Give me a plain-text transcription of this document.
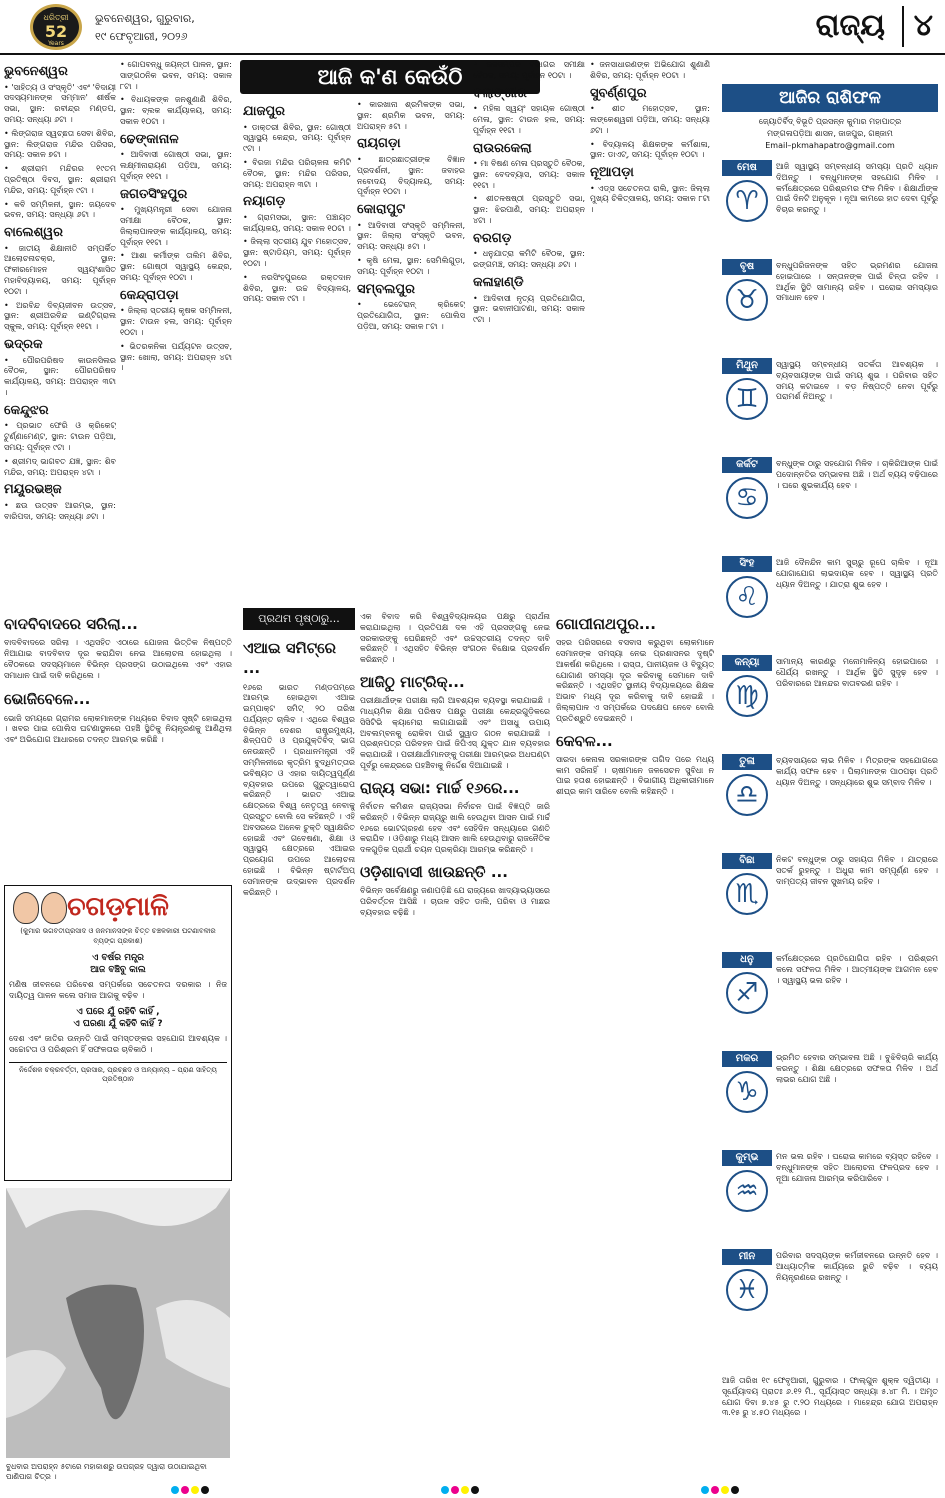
ଧରିତ୍ରୀ
52
Years
ଭୁବନେଶ୍ୱର, ଗୁରୁବାର,
୧୯ ଫେବୃଆରୀ, ୨୦୨୬	ରାଜ୍ୟ ୪
ଆଜି କ'ଣ କେଉଁଠି
ଭୁବନେଶ୍ୱର
• 'ସାହିତ୍ୟ ଓ ସଂସ୍କୃତି' ଏବଂ 'ବିଦାୟୀ ସଦସ୍ୟମାନଙ୍କ ସମ୍ମାନ' ଶୀର୍ଷକ ସଭା, ସ୍ଥାନ: ରବୀନ୍ଦ୍ର ମଣ୍ଡପ, ସମୟ: ସନ୍ଧ୍ୟା ୬ଟା ।
• ଲିଙ୍ଗରାଜ ସ୍ୱଚ୍ଛତା ସେବା ଶିବିର, ସ୍ଥାନ: ଲିଙ୍ଗରାଜ ମନ୍ଦିର ପରିସର, ସମୟ: ସକାଳ ୭ଟା ।
• ଶ୍ରୀରାମ ମନ୍ଦିରର ୧୯ତମ ପ୍ରତିଷ୍ଠା ଦିବସ, ସ୍ଥାନ: ଶ୍ରୀରାମ ମନ୍ଦିର, ସମୟ: ପୂର୍ବାହ୍ନ ୯ଟା ।
• କବି ସମ୍ମିଳନୀ, ସ୍ଥାନ: ଜୟଦେବ ଭବନ, ସମୟ: ସନ୍ଧ୍ୟା ୬ଟା ।
ବାଲେଶ୍ୱର
• ଜାତୀୟ ଶିକ୍ଷାନୀତି ସମ୍ପର୍କିତ ଆଲୋଚନାଚକ୍ର, ସ୍ଥାନ: ଫକୀରମୋହନ ସ୍ୱୟଂଶାସିତ ମହାବିଦ୍ୟାଳୟ, ସମୟ: ପୂର୍ବାହ୍ନ ୧୦ଟା ।
• ଅରବିନ୍ଦ ଦିବ୍ୟଜୀବନ ଉତ୍ସବ, ସ୍ଥାନ: ଶ୍ରୀଅରବିନ୍ଦ ଇଣ୍ଟିଗ୍ରାଲ ସ୍କୁଲ, ସମୟ: ପୂର୍ବାହ୍ନ ୧୧ଟା ।
ଭଦ୍ରକ
• ପୌରପରିଷଦ କାଉନସିଲର ବୈଠକ, ସ୍ଥାନ: ପୌରପରିଷଦ କାର୍ଯ୍ୟାଳୟ, ସମୟ: ଅପରାହ୍ନ ୩ଟା ।
କେନ୍ଦୁଝର
• ପ୍ରଭାତ ଫେରି ଓ କ୍ରିକେଟ୍ ଟୁର୍ଣ୍ଣାମେଣ୍ଟ, ସ୍ଥାନ: ଟାଉନ ପଡ଼ିଆ, ସମୟ: ପୂର୍ବାହ୍ନ ୯ଟା ।
• ଶ୍ରୀମଦ୍ ଭାଗବତ ଯଜ୍ଞ, ସ୍ଥାନ: ଶିବ ମନ୍ଦିର, ସମୟ: ଅପରାହ୍ନ ୪ଟା ।
ମୟୂରଭଞ୍ଜ
• ଛଉ ଉତ୍ସବ ଆରମ୍ଭ, ସ୍ଥାନ: ବାରିପଦା, ସମୟ: ସନ୍ଧ୍ୟା ୬ଟା ।
• ଗୋପବନ୍ଧୁ ଜୟନ୍ତୀ ପାଳନ, ସ୍ଥାନ: ସାଙ୍ଗଠନିକ ଭବନ, ସମୟ: ସକାଳ ୮ଟା ।
• ବିଧାୟକଙ୍କ ଜନଶୁଣାଣି ଶିବିର, ସ୍ଥାନ: ବ୍ଲକ କାର୍ଯ୍ୟାଳୟ, ସମୟ: ସକାଳ ୧୦ଟା ।
ଢେଙ୍କାନାଳ
• ଆଦିବାସୀ ଗୋଷ୍ଠୀ ସଭା, ସ୍ଥାନ: ଲକ୍ଷ୍ମୀନାରାୟଣ ପଡ଼ିଆ, ସମୟ: ପୂର୍ବାହ୍ନ ୧୧ଟା ।
ଜଗତସିଂହପୁର
• ମୁଖ୍ୟମନ୍ତ୍ରୀ ସେବା ଯୋଜନା ସମୀକ୍ଷା ବୈଠକ, ସ୍ଥାନ: ଜିଲ୍ଲାପାଳଙ୍କ କାର୍ଯ୍ୟାଳୟ, ସମୟ: ପୂର୍ବାହ୍ନ ୧୧ଟା ।
• ଆଶା କର୍ମୀଙ୍କ ତାଲିମ ଶିବିର, ସ୍ଥାନ: ଗୋଷ୍ଠୀ ସ୍ୱାସ୍ଥ୍ୟ କେନ୍ଦ୍ର, ସମୟ: ପୂର୍ବାହ୍ନ ୧୦ଟା ।
କେନ୍ଦ୍ରାପଡ଼ା
• ଜିଲ୍ଲା ସ୍ତରୀୟ କୃଷକ ସମ୍ମିଳନୀ, ସ୍ଥାନ: ଟାଉନ ହଲ, ସମୟ: ପୂର୍ବାହ୍ନ ୧୦ଟା ।
• ଭିତରକନିକା ପର୍ଯ୍ୟଟନ ଉତ୍ସବ, ସ୍ଥାନ: ଖୋଲା, ସମୟ: ଅପରାହ୍ନ ୪ଟା ।
ଯାଜପୁର
• ଡାକ୍ତରୀ ଶିବିର, ସ୍ଥାନ: ଗୋଷ୍ଠୀ ସ୍ୱାସ୍ଥ୍ୟ କେନ୍ଦ୍ର, ସମୟ: ପୂର୍ବାହ୍ନ ୯ଟା ।
• ବିରଜା ମନ୍ଦିର ପରିଚାଳନା କମିଟି ବୈଠକ, ସ୍ଥାନ: ମନ୍ଦିର ପରିସର, ସମୟ: ଅପରାହ୍ନ ୩ଟା ।
ନୟାଗଡ଼
• ଗ୍ରାମସଭା, ସ୍ଥାନ: ପଞ୍ଚାୟତ କାର୍ଯ୍ୟାଳୟ, ସମୟ: ସକାଳ ୧୦ଟା ।
• ଜିଲ୍ଲା ସ୍ତରୀୟ ଯୁବ ମହୋତ୍ସବ, ସ୍ଥାନ: ଷ୍ଟାଡିୟମ, ସମୟ: ପୂର୍ବାହ୍ନ ୧୦ଟା ।
• ନରସିଂହପୁରରେ ରକ୍ତଦାନ ଶିବିର, ସ୍ଥାନ: ଉଚ୍ଚ ବିଦ୍ୟାଳୟ, ସମୟ: ସକାଳ ୯ଟା ।
• କାରଖାନା ଶ୍ରମିକଙ୍କ ସଭା, ସ୍ଥାନ: ଶ୍ରମିକ ଭବନ, ସମୟ: ଅପରାହ୍ନ ୫ଟା ।
ରାୟଗଡ଼ା
• ଛାତ୍ରଛାତ୍ରୀଙ୍କ ବିଜ୍ଞାନ ପ୍ରଦର୍ଶନୀ, ସ୍ଥାନ: ଜବାହର ନବୋଦୟ ବିଦ୍ୟାଳୟ, ସମୟ: ପୂର୍ବାହ୍ନ ୧୦ଟା ।
କୋରାପୁଟ
• ଆଦିବାସୀ ସଂସ୍କୃତି ସମ୍ମିଳନୀ, ସ୍ଥାନ: ଜିଲ୍ଲା ସଂସ୍କୃତି ଭବନ, ସମୟ: ସନ୍ଧ୍ୟା ୫ଟା ।
• କୃଷି ମେଳା, ସ୍ଥାନ: ସେମିଲିଗୁଡ଼ା, ସମୟ: ପୂର୍ବାହ୍ନ ୧୦ଟା ।
ସମ୍ବଲପୁର
• ଭେଟେରାନ୍ କ୍ରିକେଟ୍ ପ୍ରତିଯୋଗିତା, ସ୍ଥାନ: ପୋଲିସ ପଡ଼ିଆ, ସମୟ: ସକାଳ ୮ଟା ।
• ଜଳସମ୍ପଦ ବିଭାଗର ସମୀକ୍ଷା ବୈଠକ, ସମୟ: ପୂର୍ବାହ୍ନ ୧୦ଟା ।
ବଲାଙ୍ଗୀର
• ମହିଳା ସ୍ୱୟଂ ସହାୟକ ଗୋଷ୍ଠୀ ମେଳା, ସ୍ଥାନ: ଟାଉନ ହଲ, ସମୟ: ପୂର୍ବାହ୍ନ ୧୧ଟା ।
ରାଉରକେଲା
• ମା ବିଷଣ ମେଳା ପ୍ରସ୍ତୁତି ବୈଠକ, ସ୍ଥାନ: ବେଦବ୍ୟାସ, ସମୟ: ସକାଳ ୧୧ଟା ।
• ଶୀତଳଷଷ୍ଠୀ ପ୍ରସ୍ତୁତି ସଭା, ସ୍ଥାନ: ଝିରପାଣି, ସମୟ: ଅପରାହ୍ନ ୪ଟା ।
ବରଗଡ଼
• ଧନୁଯାତ୍ରା କମିଟି ବୈଠକ, ସ୍ଥାନ: ରଙ୍ଗମଞ୍ଚ, ସମୟ: ସନ୍ଧ୍ୟା ୬ଟା ।
କଳାହାଣ୍ଡି
• ଆଦିବାସୀ ନୃତ୍ୟ ପ୍ରତିଯୋଗିତା, ସ୍ଥାନ: ଭବାନୀପାଟଣା, ସମୟ: ସକାଳ ୯ଟା ।
• ଜନସାଧାରଣଙ୍କ ଅଭିଯୋଗ ଶୁଣାଣି ଶିବିର, ସମୟ: ପୂର୍ବାହ୍ନ ୧୦ଟା ।
ସୁବର୍ଣ୍ଣପୁର
• ଶୀତ ମହୋତ୍ସବ, ସ୍ଥାନ: ଲଙ୍କେଶ୍ୱରୀ ପଡ଼ିଆ, ସମୟ: ସନ୍ଧ୍ୟା ୬ଟା ।
• ବିଦ୍ୟାଳୟ ଶିକ୍ଷକଙ୍କ କର୍ମଶାଳା, ସ୍ଥାନ: ଡାଏଟ୍, ସମୟ: ପୂର୍ବାହ୍ନ ୧୦ଟା ।
ନୂଆପଡ଼ା
• ଏଡ୍ସ ସଚେତନତା ରାଲି, ସ୍ଥାନ: ଜିଲ୍ଲା ମୁଖ୍ୟ ଚିକିତ୍ସାଳୟ, ସମୟ: ସକାଳ ୮ଟା ।
ବାଦବିବାଦରେ ସରିଲା...
ବାଦବିବାଦରେ ସରିଲା । ଏଥିସହିତ ଏଠାରେ ଯୋଜନା ଭିତ୍ତିକ ନିଷ୍ପତ୍ତି ନିଆଯାଇ ବାଦବିବାଦ ଦୂର କରାଯିବା ନେଇ ଆଲୋଚନା ହୋଇଥିଲା । ବୈଠକରେ ସଦସ୍ୟମାନେ ବିଭିନ୍ନ ପ୍ରସଙ୍ଗ ଉଠାଇଥିଲେ ଏବଂ ଏହାର ସମାଧାନ ପାଇଁ ଦାବି କରିଥିଲେ ।
ଭୋଜିବେଳେ...
ଭୋଜି ସମୟରେ ଗ୍ରାମର ଲୋକମାନଙ୍କ ମଧ୍ୟରେ ବିବାଦ ସୃଷ୍ଟି ହୋଇଥିଲା । ଖବର ପାଇ ପୋଲିସ ଘଟଣାସ୍ଥଳରେ ପହଞ୍ଚି ସ୍ଥିତିକୁ ନିୟନ୍ତ୍ରଣକୁ ଆଣିଥିଲା ଏବଂ ଅଭିଯୋଗ ଆଧାରରେ ତଦନ୍ତ ଆରମ୍ଭ କରିଛି ।
ଚଗଡ଼ମାଳି
(କୁମାର ଭଗବତୀପ୍ରସାଦ ଓ ଜନମାନସଙ୍କ ଚିତ୍ତ ଚଞ୍ଚଳକାରୀ ଘଟଣାବଳୀର ବ୍ୟଙ୍ଗ ପ୍ରକାଶ)
ଏ ବର୍ଷର ମନ୍ତ୍ର
ଆଜ ବଞ୍ଚିବୁ କାଲ
ମଣିଷ ଜୀବନରେ ପରିବେଶ ସମ୍ପର୍କରେ ସଚେତନତା ଦରକାର । ନିଜ ଦାୟିତ୍ୱ ପାଳନ କଲେ ସମାଜ ଆଗକୁ ବଢ଼ିବ ।
ଏ ଘରେ ଯୁଁ ରହିବି କାହିଁ ,
ଏ ଘରଣା ଯୁଁ କହିବି କାହିଁ ?
ଦେଶ ଏବଂ ଜାତିର ଉନ୍ନତି ପାଇଁ ସମସ୍ତଙ୍କର ସହଯୋଗ ଆବଶ୍ୟକ । ସଚ୍ଚୋଟତା ଓ ପରିଶ୍ରମ ହିଁ ସଫଳତାର ଚାବିକାଠି ।
ନିର୍ଦ୍ଦେଶକ ଚକ୍ରବର୍ତ୍ତୀ, ପ୍ରସାର, ପ୍ରଚ୍ଛଦ ଓ ଅନ୍ୟାନ୍ୟ – ପ୍ରାଣ ସାହିତ୍ୟ ପ୍ରତିଷ୍ଠାନ
ବୁଧବାର ଅପରାହ୍ନ ୫ଟାରେ ମହାକାଶରୁ ଉପଗ୍ରହ ଦ୍ୱାରା ଉଠାଯାଇଥିବା ପାଣିପାଗ ଚିତ୍ର ।
ପ୍ରଥମ ପୃଷ୍ଠାରୁ...
ଏଆଇ ସମିଟ୍‌ରେ ...
୧୬ରେ ଭାରତ ମଣ୍ଡପମ୍‌ରେ ଆରମ୍ଭ ହୋଇଥିବା ଏଆଇ ଇମ୍ପାକ୍ଟ ସମିଟ୍ ୨୦ ତାରିଖ ପର୍ଯ୍ୟନ୍ତ ଚାଲିବ । ଏଥିରେ ବିଶ୍ୱର ବିଭିନ୍ନ ଦେଶର ରାଷ୍ଟ୍ରମୁଖ୍ୟ, ଶିଳ୍ପପତି ଓ ପ୍ରଯୁକ୍ତିବିଦ୍ ଭାଗ ନେଉଛନ୍ତି । ପ୍ରଧାନମନ୍ତ୍ରୀ ଏହି ସମ୍ମିଳନୀରେ କୃତ୍ରିମ ବୁଦ୍ଧିମତ୍ତାର ଭବିଷ୍ୟତ ଓ ଏହାର ଦାୟିତ୍ୱପୂର୍ଣ୍ଣ ବ୍ୟବହାର ଉପରେ ଗୁରୁତ୍ୱାରୋପ କରିଛନ୍ତି । ଭାରତ ଏଆଇ କ୍ଷେତ୍ରରେ ବିଶ୍ୱ ନେତୃତ୍ୱ ନେବାକୁ ପ୍ରସ୍ତୁତ ବୋଲି ସେ କହିଛନ୍ତି । ଏହି ଅବସରରେ ଅନେକ ଚୁକ୍ତି ସ୍ୱାକ୍ଷରିତ ହୋଇଛି ଏବଂ ଗବେଷଣା, ଶିକ୍ଷା ଓ ସ୍ୱାସ୍ଥ୍ୟ କ୍ଷେତ୍ରରେ ଏଆଇର ପ୍ରୟୋଗ ଉପରେ ଆଲୋଚନା ହୋଇଛି । ବିଭିନ୍ନ ଷ୍ଟାର୍ଟଅପ୍ ସେମାନଙ୍କ ଉଦ୍ଭାବନ ପ୍ରଦର୍ଶନ କରିଛନ୍ତି ।
ଏକ ବିବାଦ କରି ବିଶ୍ୱବିଦ୍ୟାଳୟର ପକ୍ଷରୁ ପ୍ରାର୍ଥନା କରାଯାଇଥିଲା । ପ୍ରତିପକ୍ଷ ଦଳ ଏହି ପ୍ରସଙ୍ଗକୁ ନେଇ ସରକାରଙ୍କୁ ଘେରିଛନ୍ତି ଏବଂ ଉଚ୍ଚସ୍ତରୀୟ ତଦନ୍ତ ଦାବି କରିଛନ୍ତି । ଏଥିସହିତ ବିଭିନ୍ନ ସଂଗଠନ ବିକ୍ଷୋଭ ପ୍ରଦର୍ଶନ କରିଛନ୍ତି ।
ଆଜିଠୁ ମାଟ୍ରିକ୍...
ପରୀକ୍ଷାର୍ଥୀଙ୍କ ପରୀକ୍ଷା ଲାଗି ଆବଶ୍ୟକ ବ୍ୟବସ୍ଥା କରାଯାଇଛି । ମାଧ୍ୟମିକ ଶିକ୍ଷା ପରିଷଦ ପକ୍ଷରୁ ପରୀକ୍ଷା କେନ୍ଦ୍ରଗୁଡ଼ିକରେ ସିସିଟିଭି କ୍ୟାମେରା ଲଗାଯାଇଛି ଏବଂ ଅସାଧୁ ଉପାୟ ଅବଲମ୍ବନକୁ ରୋକିବା ପାଇଁ ସ୍କ୍ୱାଡ ଗଠନ କରାଯାଇଛି । ପ୍ରଶ୍ନପତ୍ର ପରିବହନ ପାଇଁ ଜିପିଏସ୍ ଯୁକ୍ତ ଯାନ ବ୍ୟବହାର କରାଯାଉଛି । ପରୀକ୍ଷାର୍ଥୀମାନଙ୍କୁ ପରୀକ୍ଷା ଆରମ୍ଭର ଅଧଘଣ୍ଟା ପୂର୍ବରୁ କେନ୍ଦ୍ରରେ ପହଞ୍ଚିବାକୁ ନିର୍ଦ୍ଦେଶ ଦିଆଯାଇଛି ।
ରାଜ୍ୟ ସଭା: ମାର୍ଚ୍ଚ ୧୬ରେ...
ନିର୍ବାଚନ କମିଶନ ରାଜ୍ୟସଭା ନିର୍ବାଚନ ପାଇଁ ବିଜ୍ଞପ୍ତି ଜାରି କରିଛନ୍ତି । ବିଭିନ୍ନ ରାଜ୍ୟରୁ ଖାଲି ହେଉଥିବା ଆସନ ପାଇଁ ମାର୍ଚ୍ଚ ୧୬ରେ ଭୋଟଗ୍ରହଣ ହେବ ଏବଂ ସେହିଦିନ ସନ୍ଧ୍ୟାରେ ଗଣତି କରାଯିବ । ଓଡ଼ିଶାରୁ ମଧ୍ୟ ଆସନ ଖାଲି ହେଉଥିବାରୁ ରାଜନୈତିକ ଦଳଗୁଡ଼ିକ ପ୍ରାର୍ଥୀ ଚୟନ ପ୍ରକ୍ରିୟା ଆରମ୍ଭ କରିଛନ୍ତି ।
ଓଡ଼ିଶାବାସୀ ଖାଉଛନ୍ତି ...
ବିଭିନ୍ନ ସର୍ବେକ୍ଷଣରୁ ଜଣାପଡ଼ିଛି ଯେ ରାଜ୍ୟରେ ଖାଦ୍ୟାଭ୍ୟାସରେ ପରିବର୍ତ୍ତନ ଆସିଛି । ଚାଉଳ ସହିତ ଡାଲି, ପରିବା ଓ ମାଛର ବ୍ୟବହାର ବଢ଼ିଛି ।
ଗୋପୀନାଥପୁର...
ସହର ପରିସରରେ ବସବାସ କରୁଥିବା ଲୋକମାନେ ସେମାନଙ୍କ ସମସ୍ୟା ନେଇ ପ୍ରଶାସନର ଦୃଷ୍ଟି ଆକର୍ଷଣ କରିଥିଲେ । ରାସ୍ତା, ପାନୀୟଜଳ ଓ ବିଦ୍ୟୁତ୍ ଯୋଗାଣ ସମସ୍ୟା ଦୂର କରିବାକୁ ସେମାନେ ଦାବି କରିଛନ୍ତି । ଏଥିସହିତ ସ୍ଥାନୀୟ ବିଦ୍ୟାଳୟରେ ଶିକ୍ଷକ ଅଭାବ ମଧ୍ୟ ଦୂର କରିବାକୁ ଦାବି ହୋଇଛି । ଜିଲ୍ଲାପାଳ ଏ ସମ୍ପର୍କରେ ପଦକ୍ଷେପ ନେବେ ବୋଲି ପ୍ରତିଶ୍ରୁତି ଦେଇଛନ୍ତି ।
କେବଳ...
ସାରଦା କେନାଲ ସରକାରଙ୍କ ତାଗିଦ ପରେ ମଧ୍ୟ କାମ ସରିନାହିଁ । ଚାଷୀମାନେ ଜଳସେଚନ ସୁବିଧା ନ ପାଇ ହତାଶ ହୋଇଛନ୍ତି । ବିଭାଗୀୟ ଅଧିକାରୀମାନେ ଶୀଘ୍ର କାମ ସାରିବେ ବୋଲି କହିଛନ୍ତି ।
ଆଜିର ରାଶିଫଳ
ଜ୍ୟୋତିର୍ବିଦ୍ ବିଭୂତି ପ୍ରସନ୍ନ କୁମାର ମହାପାତ୍ର
ମଙ୍ଗଳାପଡ଼ିଆ ଶାସନ, ଜାଜପୁର, ଗଞ୍ଜାମ
Email–pkmahapatro@gmail.com
ମେଷ
♈
ଆଜି ସ୍ୱାସ୍ଥ୍ୟ ସମ୍ବନ୍ଧୀୟ ସମସ୍ୟା ପ୍ରତି ଧ୍ୟାନ ଦିଅନ୍ତୁ । ବନ୍ଧୁମାନଙ୍କ ସହଯୋଗ ମିଳିବ । କର୍ମକ୍ଷେତ୍ରରେ ପରିଶ୍ରମର ଫଳ ମିଳିବ । ଶିକ୍ଷାର୍ଥୀଙ୍କ ପାଇଁ ଦିନଟି ଅନୁକୂଳ । ନୂଆ କାମରେ ହାତ ଦେବା ପୂର୍ବରୁ ବିଚାର କରନ୍ତୁ ।
ବୃଷ
♉
ବନ୍ଧୁପରିଜନଙ୍କ ସହିତ ଭ୍ରମଣର ଯୋଜନା ହୋଇପାରେ । ସନ୍ତାନଙ୍କ ପାଇଁ ଚିନ୍ତା ରହିବ । ଆର୍ଥିକ ସ୍ଥିତି ସାମାନ୍ୟ ରହିବ । ଘରୋଇ ସମସ୍ୟାର ସମାଧାନ ହେବ ।
ମିଥୁନ
♊
ସ୍ୱାସ୍ଥ୍ୟ ସମ୍ବନ୍ଧୀୟ ସତର୍କତା ଆବଶ୍ୟକ । ବ୍ୟବସାୟୀଙ୍କ ପାଇଁ ସମୟ ଶୁଭ । ପରିବାର ସହିତ ସମୟ କଟାଇବେ । ବଡ଼ ନିଷ୍ପତ୍ତି ନେବା ପୂର୍ବରୁ ପରାମର୍ଶ ନିଅନ୍ତୁ ।
କର୍କଟ
♋
ବନ୍ଧୁଙ୍କ ଠାରୁ ସହଯୋଗ ମିଳିବ । ଚାକିରିଆଙ୍କ ପାଇଁ ପଦୋନ୍ନତିର ସମ୍ଭାବନା ଅଛି । ଅର୍ଥ ବ୍ୟୟ ବଢ଼ିପାରେ । ଘରେ ଶୁଭକାର୍ଯ୍ୟ ହେବ ।
ସିଂହ
♌
ଆଜି ଦୈନନ୍ଦିନ କାମ ସୁଚାରୁ ରୂପେ ଚାଲିବ । ନୂଆ ଯୋଗାଯୋଗ ଲାଭଦାୟକ ହେବ । ସ୍ୱାସ୍ଥ୍ୟ ପ୍ରତି ଧ୍ୟାନ ଦିଅନ୍ତୁ । ଯାତ୍ରା ଶୁଭ ହେବ ।
କନ୍ୟା
♍
ସାମାନ୍ୟ କାରଣରୁ ମନୋମାଳିନ୍ୟ ହୋଇପାରେ । ଧୈର୍ଯ୍ୟ ରଖନ୍ତୁ । ଆର୍ଥିକ ସ୍ଥିତି ସୁଦୃଢ଼ ହେବ । ପରିବାରରେ ଆନନ୍ଦର ବାତାବରଣ ରହିବ ।
ତୁଳା
♎
ବ୍ୟବସାୟରେ ଲାଭ ମିଳିବ । ମିତ୍ରଙ୍କ ସହଯୋଗରେ କାର୍ଯ୍ୟ ସଫଳ ହେବ । ପିଲାମାନଙ୍କ ପାଠପଢ଼ା ପ୍ରତି ଧ୍ୟାନ ଦିଅନ୍ତୁ । ସନ୍ଧ୍ୟାରେ ଶୁଭ ସମ୍ବାଦ ମିଳିବ ।
ବିଛା
♏
ନିକଟ ବନ୍ଧୁଙ୍କ ଠାରୁ ସହାୟତା ମିଳିବ । ଯାତ୍ରାରେ ସତର୍କ ରୁହନ୍ତୁ । ଅଧୁରା କାମ ସମ୍ପୂର୍ଣ୍ଣ ହେବ । ଦାମ୍ପତ୍ୟ ଜୀବନ ସୁଖମୟ ରହିବ ।
ଧନୁ
♐
କର୍ମକ୍ଷେତ୍ରରେ ପ୍ରତିଯୋଗିତା ରହିବ । ପରିଶ୍ରମ କଲେ ସଫଳତା ମିଳିବ । ଆତ୍ମୀୟଙ୍କ ଆଗମନ ହେବ । ସ୍ୱାସ୍ଥ୍ୟ ଭଲ ରହିବ ।
ମକର
♑
ଭ୍ରମିତ ହେବାର ସମ୍ଭାବନା ଅଛି । ବୁଝିବିଚାରି କାର୍ଯ୍ୟ କରନ୍ତୁ । ଶିକ୍ଷା କ୍ଷେତ୍ରରେ ସଫଳତା ମିଳିବ । ଅର୍ଥ ଲାଭର ଯୋଗ ଅଛି ।
କୁମ୍ଭ
♒
ମନ ଭଲ ରହିବ । ଘରୋଇ କାମରେ ବ୍ୟସ୍ତ ରହିବେ । ବନ୍ଧୁମାନଙ୍କ ସହିତ ଆଲୋଚନା ଫଳପ୍ରଦ ହେବ । ନୂଆ ଯୋଜନା ଆରମ୍ଭ କରିପାରିବେ ।
ମୀନ
♓
ପରିବାର ସଦସ୍ୟଙ୍କ କର୍ମଜୀବନରେ ଉନ୍ନତି ହେବ । ଆଧ୍ୟାତ୍ମିକ କାର୍ଯ୍ୟରେ ରୁଚି ବଢ଼ିବ । ବ୍ୟୟ ନିୟନ୍ତ୍ରଣରେ ରଖନ୍ତୁ ।
ଆଜି ତାରିଖ ୧୯ ଫେବୃଆରୀ, ଗୁରୁବାର । ଫାଲ୍ଗୁନ ଶୁକ୍ଳ ଦ୍ୱିତୀୟା । ସୂର୍ଯ୍ୟୋଦୟ ପ୍ରାତଃ ୬.୧୨ ମି., ସୂର୍ଯ୍ୟାସ୍ତ ସନ୍ଧ୍ୟା ୫.୪୮ ମି. । ଅମୃତ ଯୋଗ ଦିବା ୭.୪୫ ରୁ ୯.୨୦ ମଧ୍ୟରେ । ମାହେନ୍ଦ୍ର ଯୋଗ ଅପରାହ୍ନ ୩.୧୫ ରୁ ୪.୫୦ ମଧ୍ୟରେ ।
